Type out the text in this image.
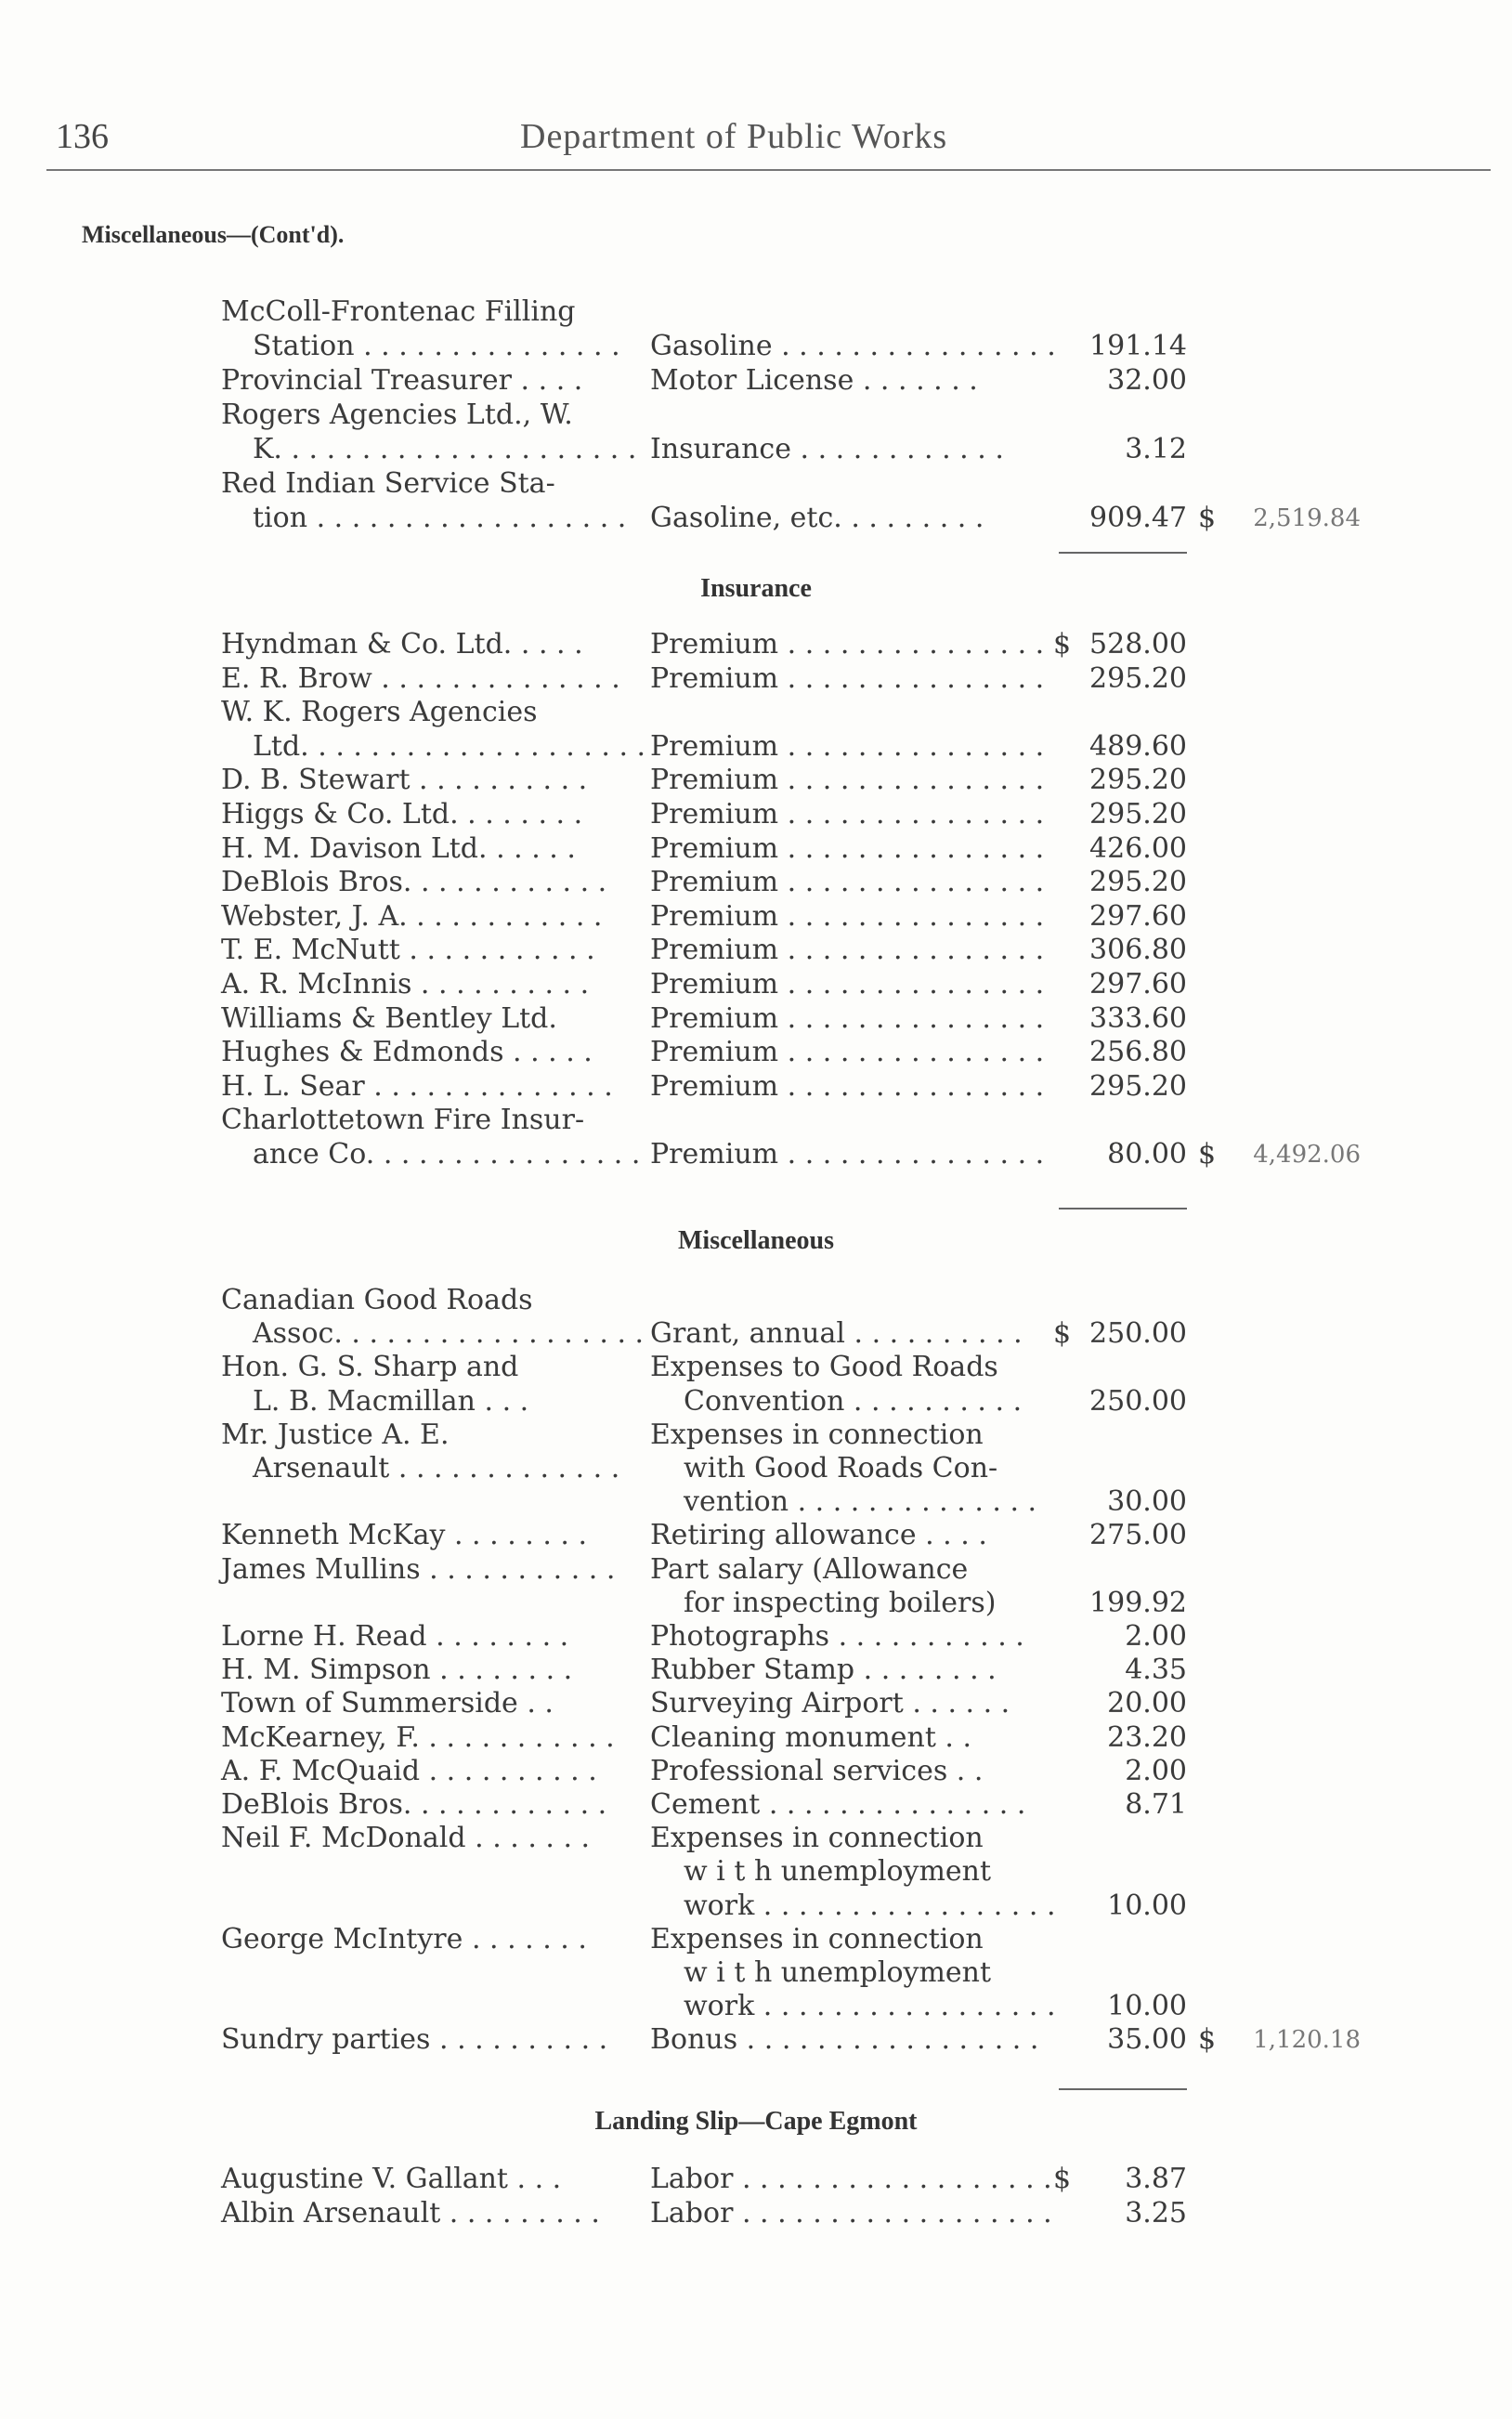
136	Department of Public Works
Miscellaneous—(Cont'd).
McColl-Frontenac Filling
Station . . . . . . . . . . . . . . . Gasoline . . . . . . . . . . . . . . . .	191.14
Provincial Treasurer . . . . Motor License . . . . . . .	32.00
Rogers Agencies Ltd., W.
K. . . . . . . . . . . . . . . . . . . . . Insurance . . . . . . . . . . . .	3.12
Red Indian Service Sta-
tion . . . . . . . . . . . . . . . . . . Gasoline, etc. . . . . . . . .	909.47 $	2,519.84
Insurance
Hyndman & Co. Ltd. . . . . Premium . . . . . . . . . . . . . . . $ 528.00
E. R. Brow . . . . . . . . . . . . . . Premium . . . . . . . . . . . . . . .	295.20
W. K. Rogers Agencies
Ltd. . . . . . . . . . . . . . . . . . . . Premium . . . . . . . . . . . . . . .	489.60
D. B. Stewart . . . . . . . . . . Premium . . . . . . . . . . . . . . .	295.20
Higgs & Co. Ltd. . . . . . . . Premium . . . . . . . . . . . . . . .	295.20
H. M. Davison Ltd. . . . . .	Premium . . . . . . . . . . . . . . .	426.00
DeBlois Bros. . . . . . . . . . . . Premium . . . . . . . . . . . . . . .	295.20
Webster, J. A. . . . . . . . . . . . Premium . . . . . . . . . . . . . . .	297.60
T. E. McNutt . . . . . . . . . . . Premium . . . . . . . . . . . . . . .	306.80
A. R. McInnis . . . . . . . . . . Premium . . . . . . . . . . . . . . .	297.60
Williams & Bentley Ltd.	Premium . . . . . . . . . . . . . . .	333.60
Hughes & Edmonds . . . . . Premium . . . . . . . . . . . . . . .	256.80
H. L. Sear . . . . . . . . . . . . . . Premium . . . . . . . . . . . . . . .	295.20
Charlottetown Fire Insur-
ance Co. . . . . . . . . . . . . . . . Premium . . . . . . . . . . . . . . .	80.00 $	4,492.06
Miscellaneous
Canadian Good Roads
Assoc. . . . . . . . . . . . . . . . . . Grant, annual . . . . . . . . . . $ 250.00
Hon. G. S. Sharp and	Expenses to Good Roads
L. B. Macmillan . . .	Convention . . . . . . . . . .	250.00
Mr. Justice A. E.	Expenses in connection
Arsenault . . . . . . . . . . . . . with Good Roads Con-
vention . . . . . . . . . . . . . .	30.00
Kenneth McKay . . . . . . . . Retiring allowance . . . .	275.00
James Mullins . . . . . . . . . . . Part salary (Allowance
for inspecting boilers)	199.92
Lorne H. Read . . . . . . . .	Photographs . . . . . . . . . . .	2.00
H. M. Simpson . . . . . . . .	Rubber Stamp . . . . . . . .	4.35
Town of Summerside . .	Surveying Airport . . . . . .	20.00
McKearney, F. . . . . . . . . . . . Cleaning monument . .	23.20
A. F. McQuaid . . . . . . . . . . Professional services . .	2.00
DeBlois Bros. . . . . . . . . . . . Cement . . . . . . . . . . . . . . .	8.71
Neil F. McDonald . . . . . . . Expenses in connection
w i t h unemployment
work . . . . . . . . . . . . . . . . .	10.00
George McIntyre . . . . . . . Expenses in connection
w i t h unemployment
work . . . . . . . . . . . . . . . . .	10.00
Sundry parties . . . . . . . . . . Bonus . . . . . . . . . . . . . . . . .	35.00 $	1,120.18
Landing Slip—Cape Egmont
Augustine V. Gallant . . .	Labor . . . . . . . . . . . . . . . . . . $	3.87
Albin Arsenault . . . . . . . . . Labor . . . . . . . . . . . . . . . . . .	3.25
